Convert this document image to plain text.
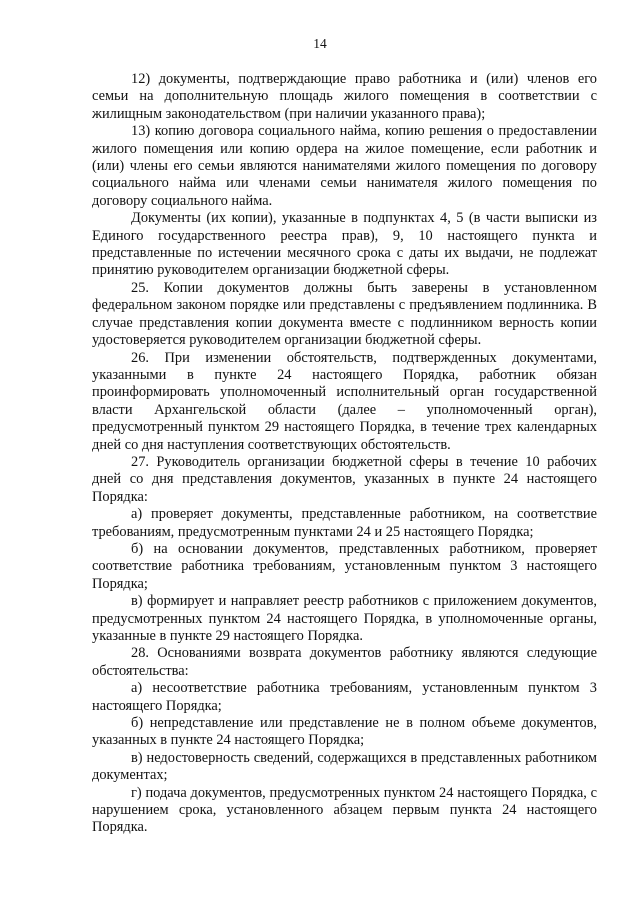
14

12) документы, подтверждающие право работника и (или) членов его семьи на дополнительную площадь жилого помещения в соответствии с жилищным законодательством (при наличии указанного права);

13) копию договора социального найма, копию решения о предоставлении жилого помещения или копию ордера на жилое помещение, если работник и (или) члены его семьи являются нанимателями жилого помещения по договору социального найма или членами семьи нанимателя жилого помещения по договору социального найма.

Документы (их копии), указанные в подпунктах 4, 5 (в части выписки из Единого государственного реестра прав), 9, 10 настоящего пункта и представленные по истечении месячного срока с даты их выдачи, не подлежат принятию руководителем организации бюджетной сферы.

25. Копии документов должны быть заверены в установленном федеральном законом порядке или представлены с предъявлением подлинника. В случае представления копии документа вместе с подлинником верность копии удостоверяется руководителем организации бюджетной сферы.

26. При изменении обстоятельств, подтвержденных документами, указанными в пункте 24 настоящего Порядка, работник обязан проинформировать уполномоченный исполнительный орган государственной власти Архангельской области (далее – уполномоченный орган), предусмотренный пунктом 29 настоящего Порядка, в течение трех календарных дней со дня наступления соответствующих обстоятельств.

27. Руководитель организации бюджетной сферы в течение 10 рабочих дней со дня представления документов, указанных в пункте 24 настоящего Порядка:

а) проверяет документы, представленные работником, на соответствие требованиям, предусмотренным пунктами 24 и 25 настоящего Порядка;

б) на основании документов, представленных работником, проверяет соответствие работника требованиям, установленным пунктом 3 настоящего Порядка;

в) формирует и направляет реестр работников с приложением документов, предусмотренных пунктом 24 настоящего Порядка, в уполномоченные органы, указанные в пункте 29 настоящего Порядка.

28. Основаниями возврата документов работнику являются следующие обстоятельства:

а) несоответствие работника требованиям, установленным пунктом 3 настоящего Порядка;

б) непредставление или представление не в полном объеме документов, указанных в пункте 24 настоящего Порядка;

в) недостоверность сведений, содержащихся в представленных работником документах;

г) подача документов, предусмотренных пунктом 24 настоящего Порядка, с нарушением срока, установленного абзацем первым пункта 24 настоящего Порядка.
